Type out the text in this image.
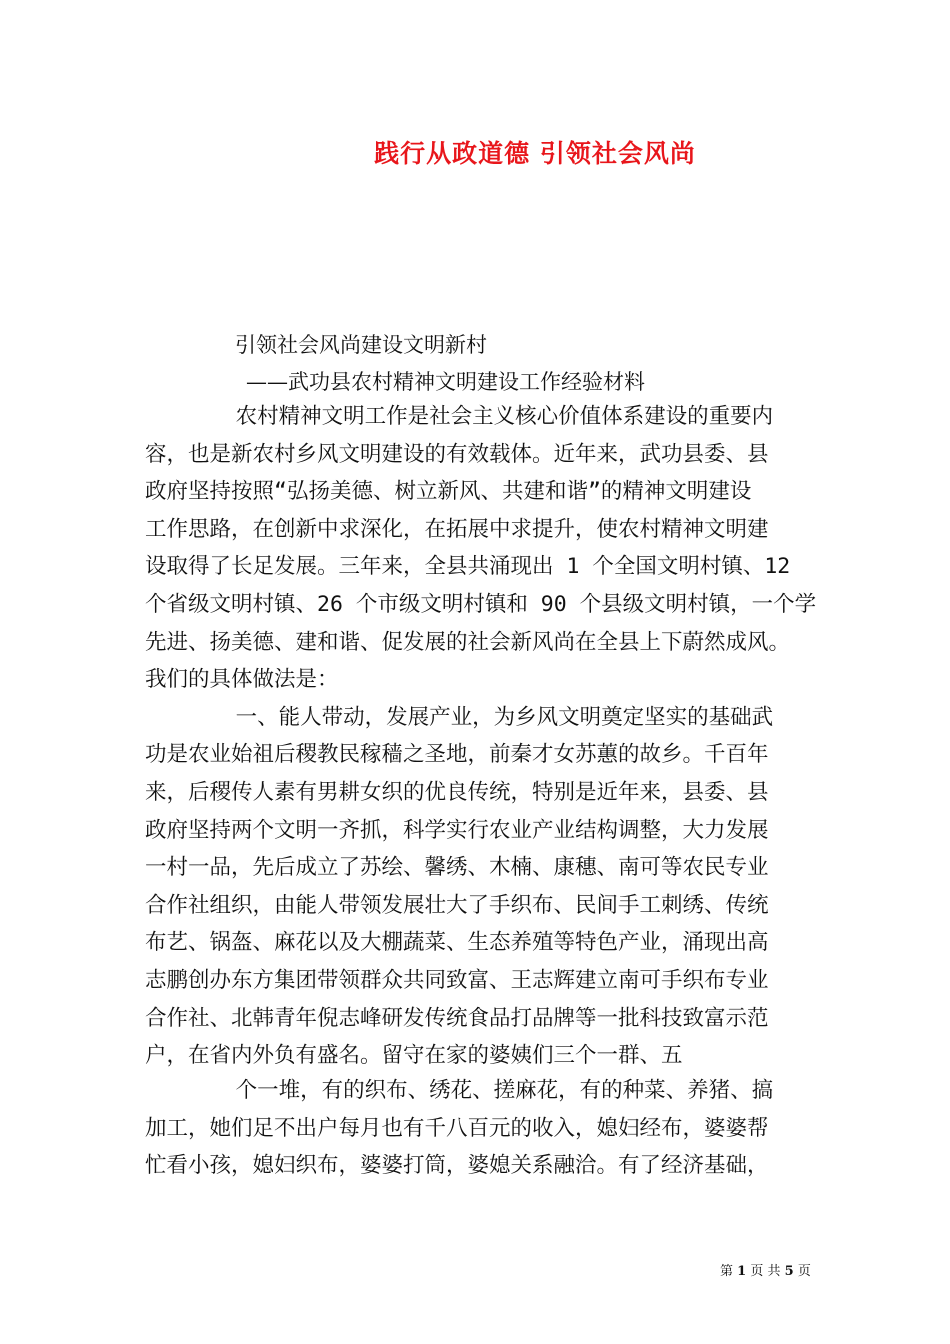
践行从政道德 引领社会风尚
引领社会风尚建设文明新村
——武功县农村精神文明建设工作经验材料
农村精神文明工作是社会主义核心价值体系建设的重要内
容，也是新农村乡风文明建设的有效载体。近年来，武功县委、县
政府坚持按照“弘扬美德、树立新风、共建和谐”的精神文明建设
工作思路，在创新中求深化，在拓展中求提升，使农村精神文明建
设取得了长足发展。三年来，全县共涌现出 1 个全国文明村镇、12
个省级文明村镇、26 个市级文明村镇和 90 个县级文明村镇，一个学
先进、扬美德、建和谐、促发展的社会新风尚在全县上下蔚然成风。
我们的具体做法是：
一、能人带动，发展产业，为乡风文明奠定坚实的基础武
功是农业始祖后稷教民稼穑之圣地，前秦才女苏蕙的故乡。千百年
来，后稷传人素有男耕女织的优良传统，特别是近年来，县委、县
政府坚持两个文明一齐抓，科学实行农业产业结构调整，大力发展
一村一品，先后成立了苏绘、馨绣、木楠、康穗、南可等农民专业
合作社组织，由能人带领发展壮大了手织布、民间手工刺绣、传统
布艺、锅盔、麻花以及大棚蔬菜、生态养殖等特色产业，涌现出高
志鹏创办东方集团带领群众共同致富、王志辉建立南可手织布专业
合作社、北韩青年倪志峰研发传统食品打品牌等一批科技致富示范
户，在省内外负有盛名。留守在家的婆姨们三个一群、五
个一堆，有的织布、绣花、搓麻花，有的种菜、养猪、搞
加工，她们足不出户每月也有千八百元的收入，媳妇经布，婆婆帮
忙看小孩，媳妇织布，婆婆打筒，婆媳关系融洽。有了经济基础，
第 1 页 共 5 页
